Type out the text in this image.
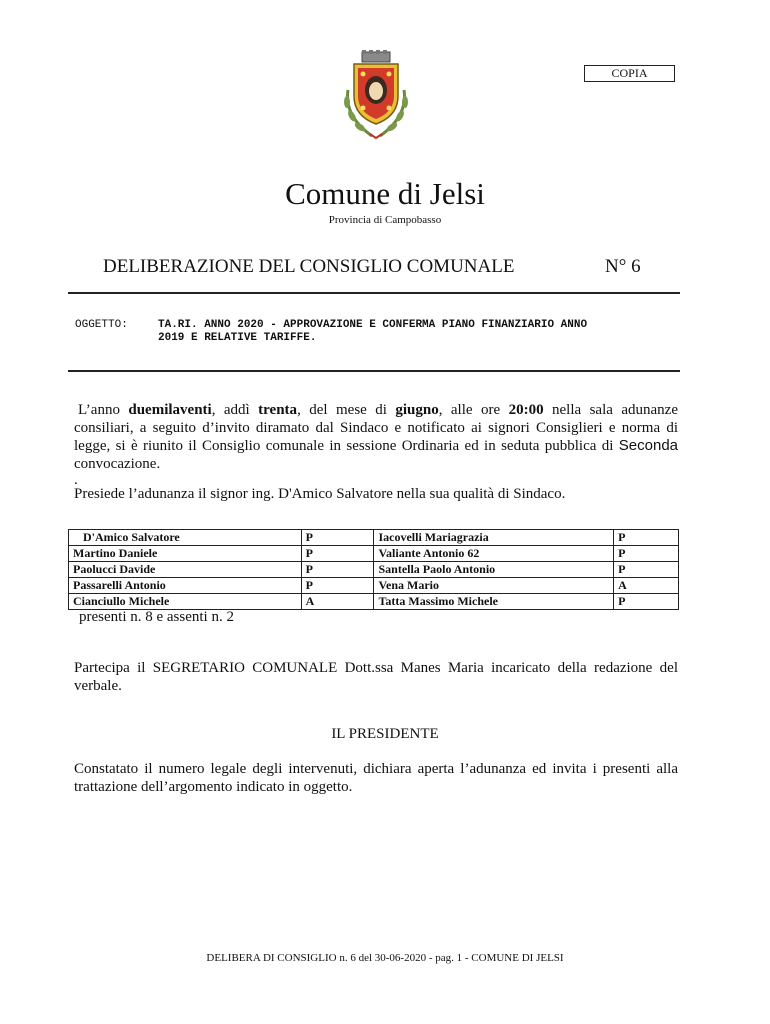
COPIA
Comune di Jelsi
Provincia di Campobasso
DELIBERAZIONE DEL CONSIGLIO COMUNALE	N° 6
OGGETTO:	TA.RI. ANNO 2020 - APPROVAZIONE E CONFERMA PIANO FINANZIARIO ANNO
2019 E RELATIVE TARIFFE.
L’anno duemilaventi, addì trenta, del mese di giugno, alle ore 20:00 nella sala adunanze consiliari, a seguito d’invito diramato dal Sindaco e notificato ai signori Consiglieri e norma di legge, si è riunito il Consiglio comunale in sessione Ordinaria ed in seduta pubblica di Seconda convocazione.
.
Presiede l’adunanza il signor ing. D'Amico Salvatore nella sua qualità di Sindaco.
D'Amico Salvatore	P	Iacovelli Mariagrazia	P
Martino Daniele	P	Valiante Antonio 62	P
Paolucci Davide	P	Santella Paolo Antonio	P
Passarelli Antonio	P	Vena Mario	A
Cianciullo Michele	A	Tatta Massimo Michele	P
presenti n. 8 e assenti n. 2
Partecipa il SEGRETARIO COMUNALE Dott.ssa Manes Maria incaricato della redazione del verbale.
IL PRESIDENTE
Constatato il numero legale degli intervenuti, dichiara aperta l’adunanza ed invita i presenti alla trattazione dell’argomento indicato in oggetto.
DELIBERA DI CONSIGLIO n. 6 del 30-06-2020 - pag. 1 - COMUNE DI JELSI
